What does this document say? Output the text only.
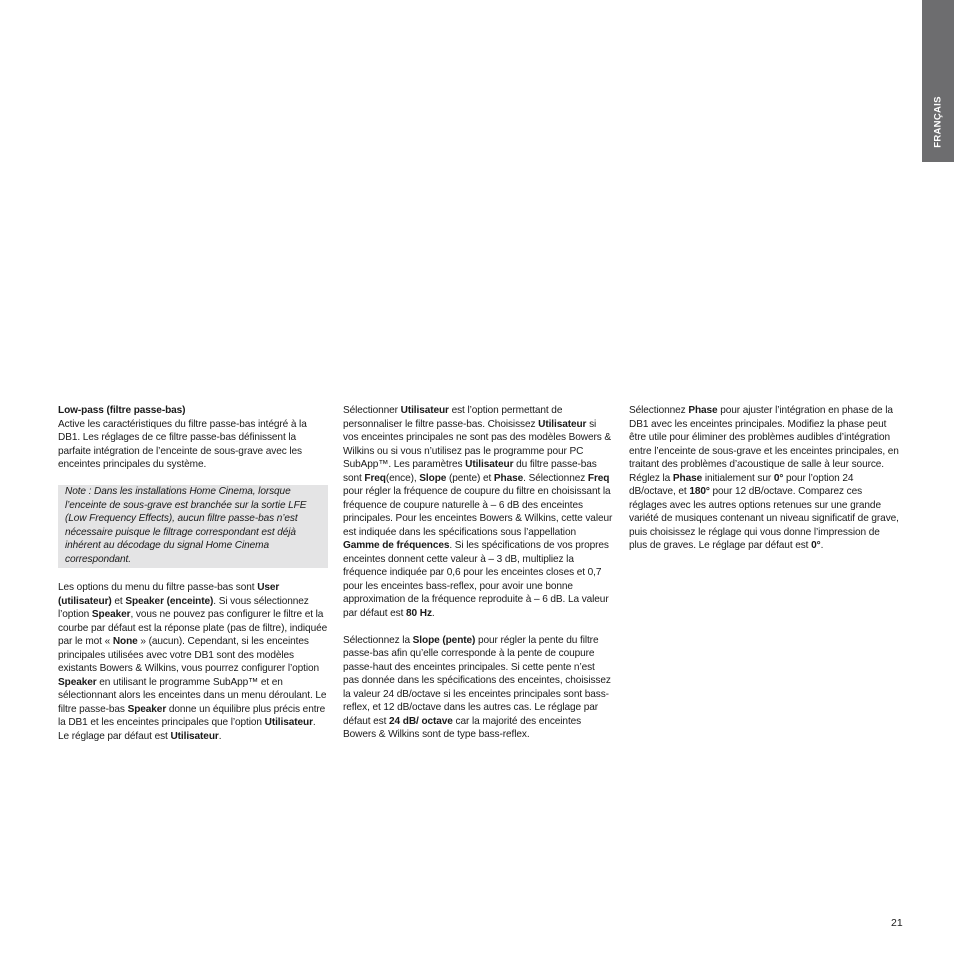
FRANÇAIS

Low-pass (filtre passe-bas)
Active les caractéristiques du filtre passe-bas intégré à la DB1. Les réglages de ce filtre passe-bas définissent la parfaite intégration de l’enceinte de sous-grave avec les enceintes principales du système.

Note : Dans les installations Home Cinema, lorsque l’enceinte de sous-grave est branchée sur la sortie LFE (Low Frequency Effects), aucun filtre passe-bas n’est nécessaire puisque le filtrage correspondant est déjà inhérent au décodage du signal Home Cinema correspondant.

Les options du menu du filtre passe-bas sont User (utilisateur) et Speaker (enceinte). Si vous sélectionnez l’option Speaker, vous ne pouvez pas configurer le filtre et la courbe par défaut est la réponse plate (pas de filtre), indiquée par le mot « None » (aucun). Cependant, si les enceintes principales utilisées avec votre DB1 sont des modèles existants Bowers & Wilkins, vous pourrez configurer l’option Speaker en utilisant le programme SubApp™ et en sélectionnant alors les enceintes dans un menu déroulant. Le filtre passe-bas Speaker donne un équilibre plus précis entre la DB1 et les enceintes principales que l’option Utilisateur. Le réglage par défaut est Utilisateur.

Sélectionner Utilisateur est l’option permettant de personnaliser le filtre passe-bas. Choisissez Utilisateur si vos enceintes principales ne sont pas des modèles Bowers & Wilkins ou si vous n’utilisez pas le programme pour PC SubApp™. Les paramètres Utilisateur du filtre passe-bas sont Freq(ence), Slope (pente) et Phase. Sélectionnez Freq pour régler la fréquence de coupure du filtre en choisissant la fréquence de coupure naturelle à – 6 dB des enceintes principales. Pour les enceintes Bowers & Wilkins, cette valeur est indiquée dans les spécifications sous l’appellation Gamme de fréquences. Si les spécifications de vos propres enceintes donnent cette valeur à – 3 dB, multipliez la fréquence indiquée par 0,6 pour les enceintes closes et 0,7 pour les enceintes bass-reflex, pour avoir une bonne approximation de la fréquence reproduite à – 6 dB. La valeur par défaut est 80 Hz.

Sélectionnez la Slope (pente) pour régler la pente du filtre passe-bas afin qu’elle corresponde à la pente de coupure passe-haut des enceintes principales. Si cette pente n’est pas donnée dans les spécifications des enceintes, choisissez la valeur 24 dB/octave si les enceintes principales sont bass-reflex, et 12 dB/octave dans les autres cas. Le réglage par défaut est 24 dB/ octave car la majorité des enceintes Bowers & Wilkins sont de type bass-reflex.

Sélectionnez Phase pour ajuster l’intégration en phase de la DB1 avec les enceintes principales. Modifiez la phase peut être utile pour éliminer des problèmes audibles d’intégration entre l’enceinte de sous-grave et les enceintes principales, en traitant des problèmes d’acoustique de salle à leur source. Réglez la Phase initialement sur 0° pour l’option 24 dB/octave, et 180° pour 12 dB/octave. Comparez ces réglages avec les autres options retenues sur une grande variété de musiques contenant un niveau significatif de grave, puis choisissez le réglage qui vous donne l’impression de plus de graves. Le réglage par défaut est 0°.

21
